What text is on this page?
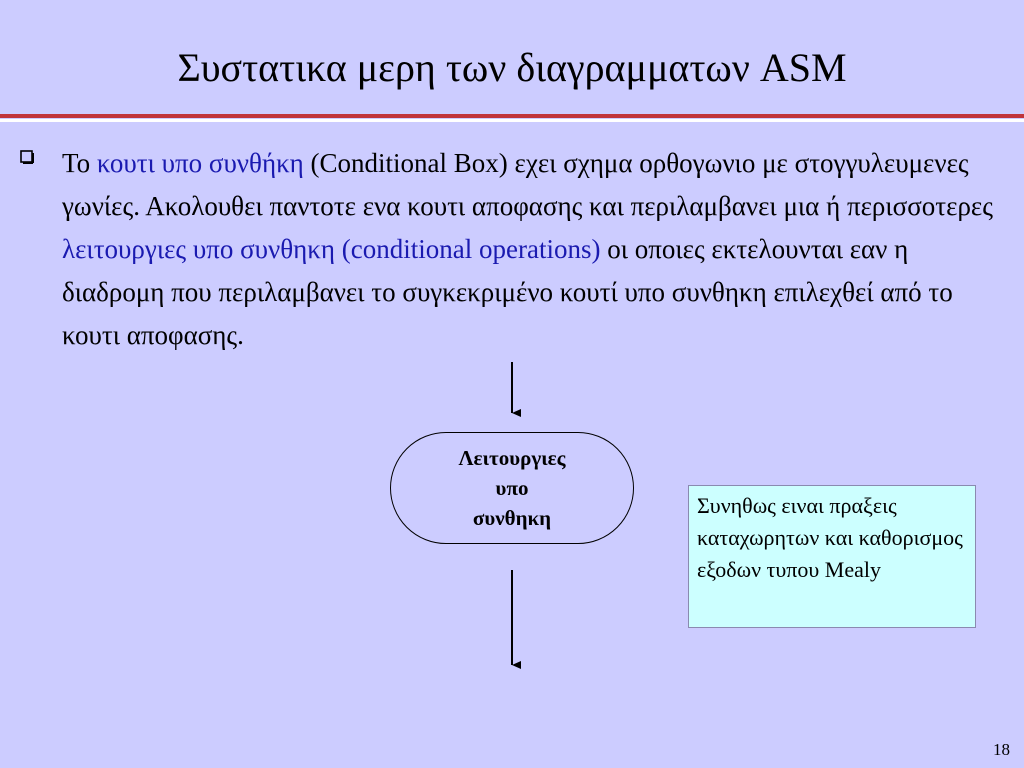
Συστατικα μερη των διαγραμματων ASM
Το κουτι υπο συνθήκη (Conditional Box) εχει σχημα ορθογωνιο με στογγυλευμενες γωνίες. Ακολουθει παντοτε ενα κουτι αποφασης και περιλαμβανει μια ή περισσοτερες λειτουργιες υπο συνθηκη (conditional operations) οι οποιες εκτελουνται εαν η διαδρομη που περιλαμβανει το συγκεκριμένο κουτί υπο συνθηκη επιλεχθεί από το κουτι αποφασης.
Λειτουργιες
υπο
συνθηκη	Συνηθως ειναι πραξεις καταχωρητων και καθορισμος εξοδων τυπου Mealy
18
